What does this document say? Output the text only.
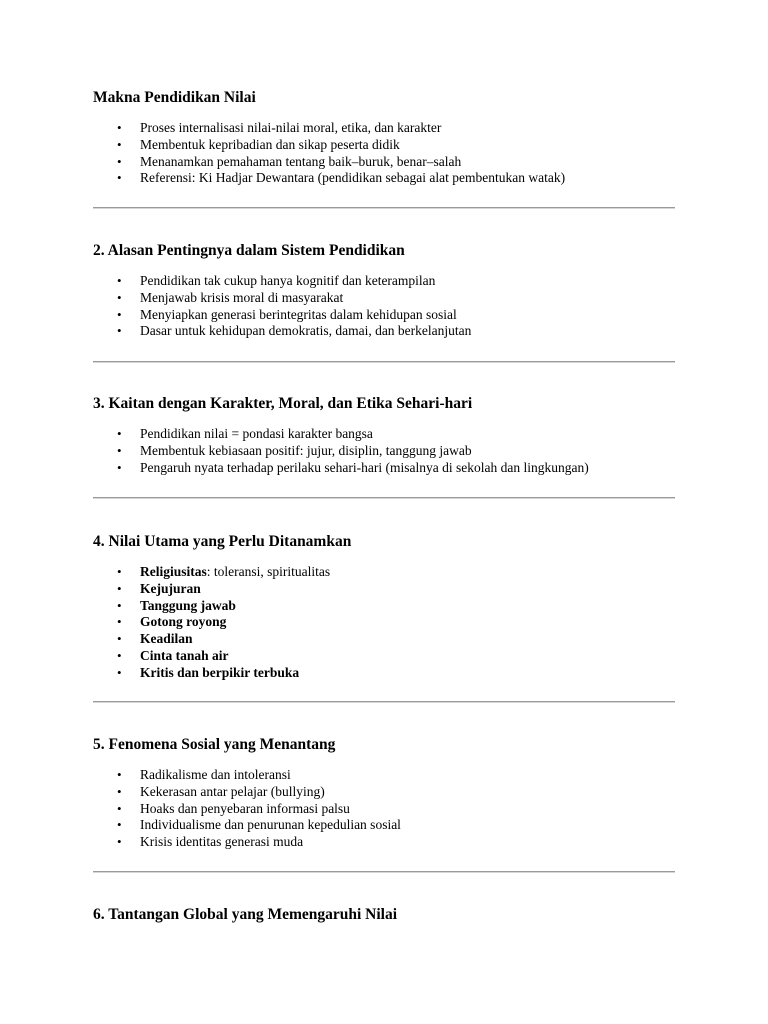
Makna Pendidikan Nilai
• Proses internalisasi nilai-nilai moral, etika, dan karakter
• Membentuk kepribadian dan sikap peserta didik
• Menanamkan pemahaman tentang baik–buruk, benar–salah
• Referensi: Ki Hadjar Dewantara (pendidikan sebagai alat pembentukan watak)
2. Alasan Pentingnya dalam Sistem Pendidikan
• Pendidikan tak cukup hanya kognitif dan keterampilan
• Menjawab krisis moral di masyarakat
• Menyiapkan generasi berintegritas dalam kehidupan sosial
• Dasar untuk kehidupan demokratis, damai, dan berkelanjutan
3. Kaitan dengan Karakter, Moral, dan Etika Sehari-hari
• Pendidikan nilai = pondasi karakter bangsa
• Membentuk kebiasaan positif: jujur, disiplin, tanggung jawab
• Pengaruh nyata terhadap perilaku sehari-hari (misalnya di sekolah dan lingkungan)
4. Nilai Utama yang Perlu Ditanamkan
• Religiusitas: toleransi, spiritualitas
• Kejujuran
• Tanggung jawab
• Gotong royong
• Keadilan
• Cinta tanah air
• Kritis dan berpikir terbuka
5. Fenomena Sosial yang Menantang
• Radikalisme dan intoleransi
• Kekerasan antar pelajar (bullying)
• Hoaks dan penyebaran informasi palsu
• Individualisme dan penurunan kepedulian sosial
• Krisis identitas generasi muda
6. Tantangan Global yang Memengaruhi Nilai
